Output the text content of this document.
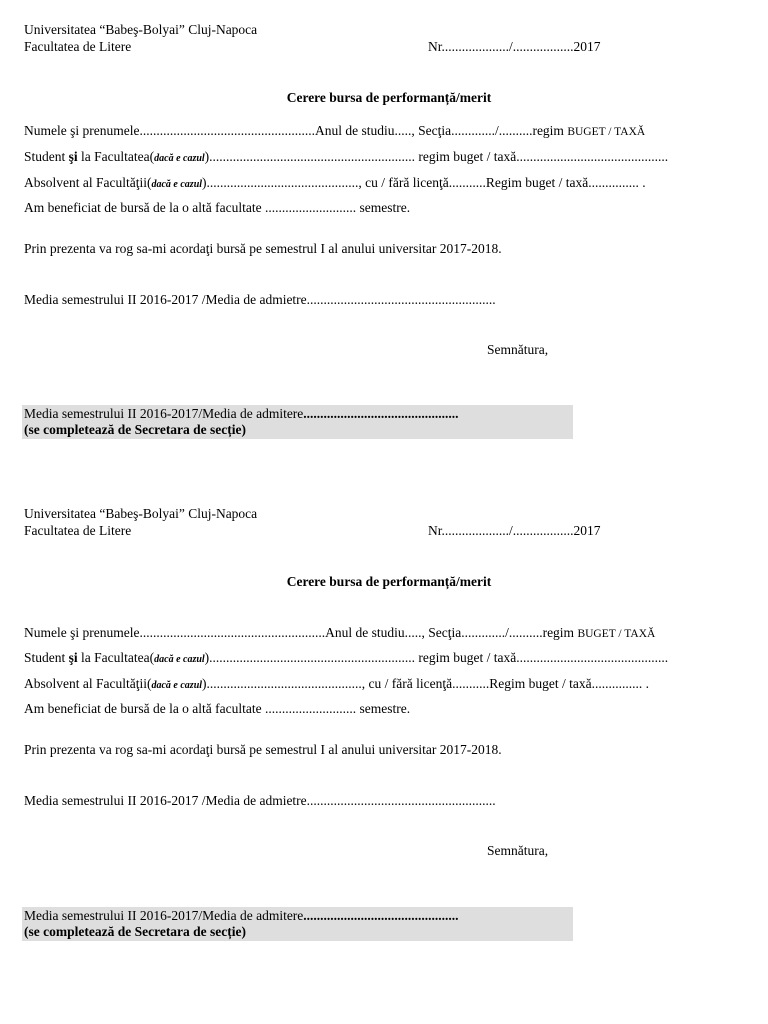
Universitatea “Babeş-Bolyai” Cluj-Napoca
Facultatea de Litere	Nr..................../..................2017
Cerere bursa de performanță/merit
Numele şi prenumele....................................................Anul de studiu....., Secţia............./..........regim BUGET / TAXĂ
Student şi la Facultatea(dacă e cazul)............................................................. regim buget / taxă.............................................
Absolvent al Facultăţii(dacă e cazul)............................................., cu / fără licenţă...........Regim buget / taxă............... .
Am beneficiat de bursă de la o altă facultate ........................... semestre.
Prin prezenta va rog sa-mi acordaţi bursă pe semestrul I al anului universitar 2017-2018.
Media semestrului II 2016-2017 /Media de admietre........................................................
Semnătura,
Media semestrului II 2016-2017/Media de admitere..............................................
(se completează de Secretara de secție)
Universitatea “Babeş-Bolyai” Cluj-Napoca
Facultatea de Litere	Nr..................../..................2017
Cerere bursa de performanță/merit
Numele şi prenumele.......................................................Anul de studiu....., Secţia............./..........regim BUGET / TAXĂ
Student şi la Facultatea(dacă e cazul)............................................................. regim buget / taxă.............................................
Absolvent al Facultăţii(dacă e cazul).............................................., cu / fără licenţă...........Regim buget / taxă............... .
Am beneficiat de bursă de la o altă facultate ........................... semestre.
Prin prezenta va rog sa-mi acordaţi bursă pe semestrul I al anului universitar 2017-2018.
Media semestrului II 2016-2017 /Media de admietre........................................................
Semnătura,
Media semestrului II 2016-2017/Media de admitere..............................................
(se completează de Secretara de secție)
